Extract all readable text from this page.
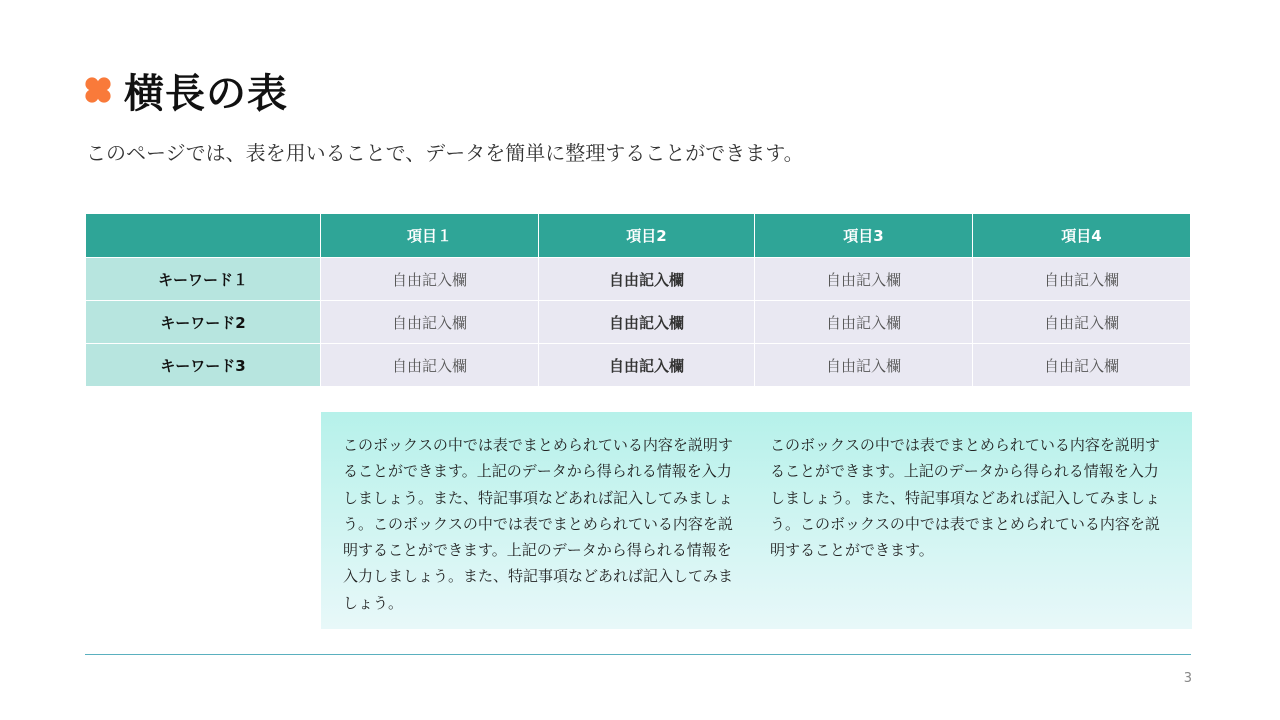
横長の表
このページでは、表を用いることで、データを簡単に整理することができます。
	項目１	項目2	項目3	項目4
キーワード１	自由記入欄	自由記入欄	自由記入欄	自由記入欄
キーワード2	自由記入欄	自由記入欄	自由記入欄	自由記入欄
キーワード3	自由記入欄	自由記入欄	自由記入欄	自由記入欄
このボックスの中では表でまとめられている内容を説明することができます。上記のデータから得られる情報を入力しましょう。また、特記事項などあれば記入してみましょう。このボックスの中では表でまとめられている内容を説明することができます。上記のデータから得られる情報を入力しましょう。また、特記事項などあれば記入してみましょう。
このボックスの中では表でまとめられている内容を説明することができます。上記のデータから得られる情報を入力しましょう。また、特記事項などあれば記入してみましょう。このボックスの中では表でまとめられている内容を説明することができます。
3
